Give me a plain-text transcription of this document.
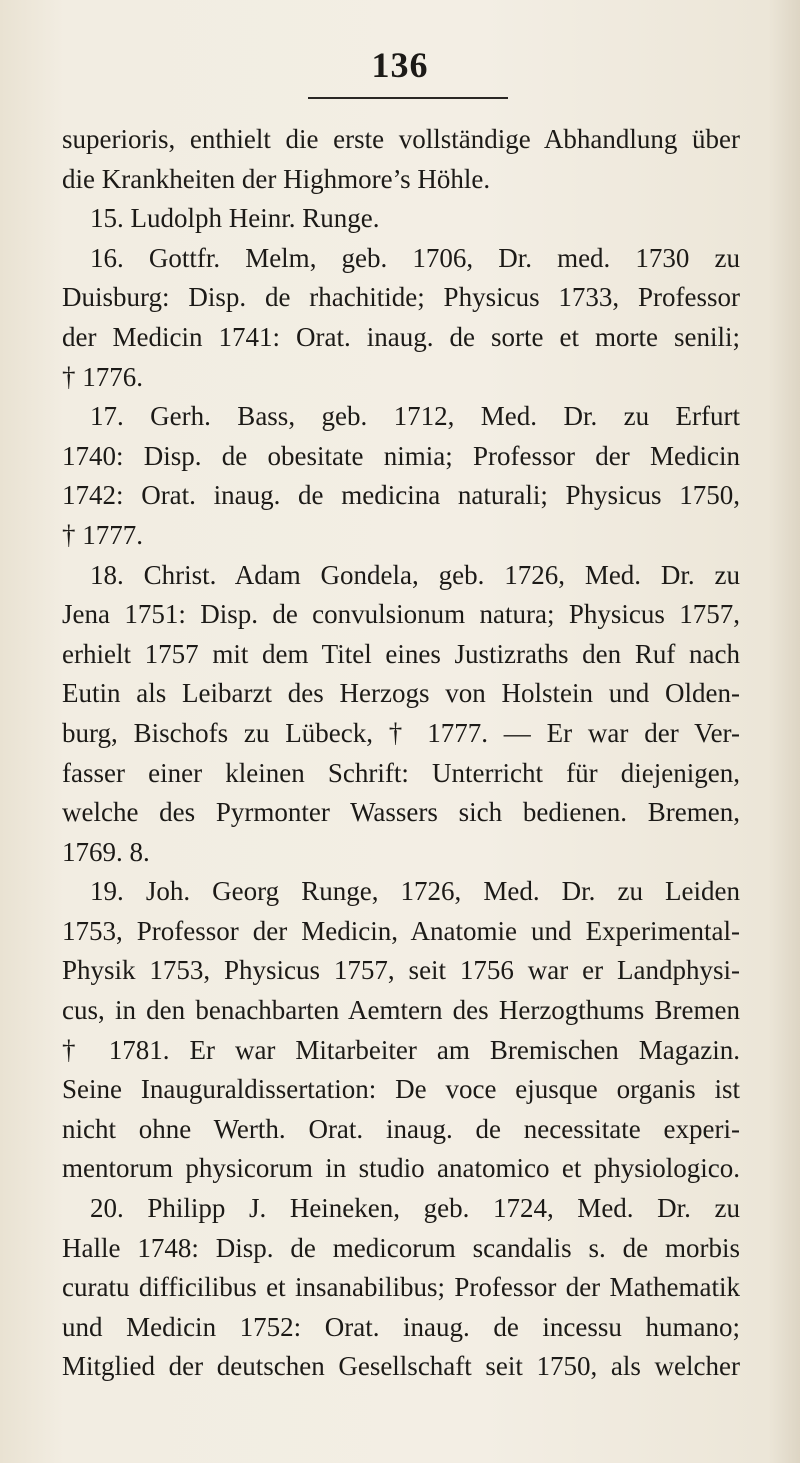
136
superioris, enthielt die erste vollständige Abhandlung über
die Krankheiten der Highmore’s Höhle.
15. Ludolph Heinr. Runge.
16. Gottfr. Melm, geb. 1706, Dr. med. 1730 zu
Duisburg: Disp. de rhachitide; Physicus 1733, Professor
der Medicin 1741: Orat. inaug. de sorte et morte senili;
† 1776.
17. Gerh. Bass, geb. 1712, Med. Dr. zu Erfurt
1740: Disp. de obesitate nimia; Professor der Medicin
1742: Orat. inaug. de medicina naturali; Physicus 1750,
† 1777.
18. Christ. Adam Gondela, geb. 1726, Med. Dr. zu
Jena 1751: Disp. de convulsionum natura; Physicus 1757,
erhielt 1757 mit dem Titel eines Justizraths den Ruf nach
Eutin als Leibarzt des Herzogs von Holstein und Olden-
burg, Bischofs zu Lübeck, † 1777. — Er war der Ver-
fasser einer kleinen Schrift: Unterricht für diejenigen,
welche des Pyrmonter Wassers sich bedienen. Bremen,
1769. 8.
19. Joh. Georg Runge, 1726, Med. Dr. zu Leiden
1753, Professor der Medicin, Anatomie und Experimental-
Physik 1753, Physicus 1757, seit 1756 war er Landphysi-
cus, in den benachbarten Aemtern des Herzogthums Bremen
† 1781. Er war Mitarbeiter am Bremischen Magazin.
Seine Inauguraldissertation: De voce ejusque organis ist
nicht ohne Werth. Orat. inaug. de necessitate experi-
mentorum physicorum in studio anatomico et physiologico.
20. Philipp J. Heineken, geb. 1724, Med. Dr. zu
Halle 1748: Disp. de medicorum scandalis s. de morbis
curatu difficilibus et insanabilibus; Professor der Mathematik
und Medicin 1752: Orat. inaug. de incessu humano;
Mitglied der deutschen Gesellschaft seit 1750, als welcher
